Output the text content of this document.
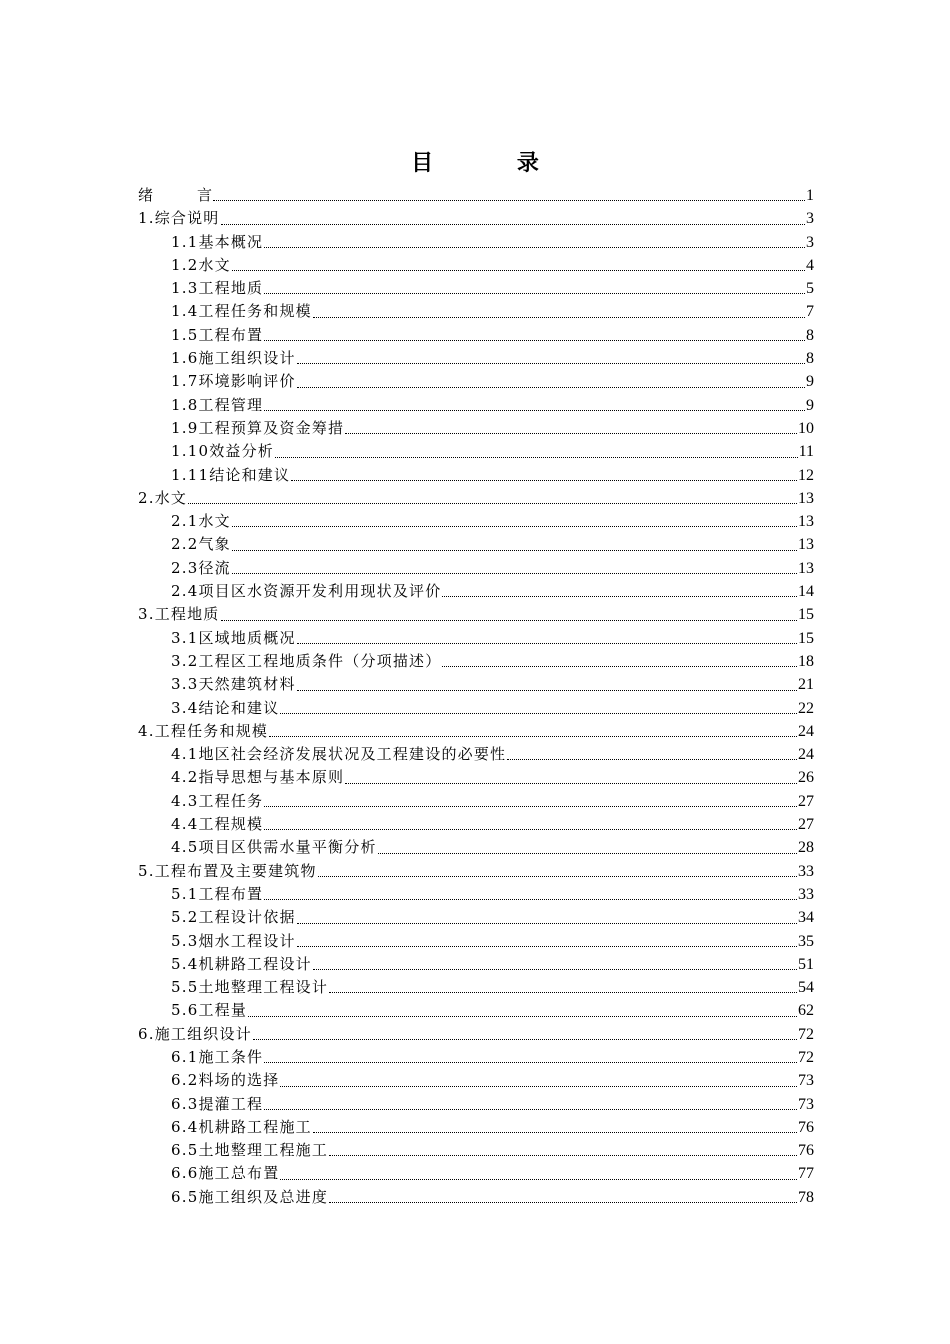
目 录
绪	言	1
1.综合说明	3
1.1基本概况	3
1.2水文	4
1.3工程地质	5
1.4工程任务和规模	7
1.5工程布置	8
1.6施工组织设计	8
1.7环境影响评价	9
1.8工程管理	9
1.9工程预算及资金筹措	10
1.10效益分析	11
1.11结论和建议	12
2.水文	13
2.1水文	13
2.2气象	13
2.3径流	13
2.4项目区水资源开发利用现状及评价	14
3.工程地质	15
3.1区域地质概况	15
3.2工程区工程地质条件（分项描述）	18
3.3天然建筑材料	21
3.4结论和建议	22
4.工程任务和规模	24
4.1地区社会经济发展状况及工程建设的必要性	24
4.2指导思想与基本原则	26
4.3工程任务	27
4.4工程规模	27
4.5项目区供需水量平衡分析	28
5.工程布置及主要建筑物	33
5.1工程布置	33
5.2工程设计依据	34
5.3烟水工程设计	35
5.4机耕路工程设计	51
5.5土地整理工程设计	54
5.6工程量	62
6.施工组织设计	72
6.1施工条件	72
6.2料场的选择	73
6.3提灌工程	73
6.4机耕路工程施工	76
6.5土地整理工程施工	76
6.6施工总布置	77
6.5施工组织及总进度	78
